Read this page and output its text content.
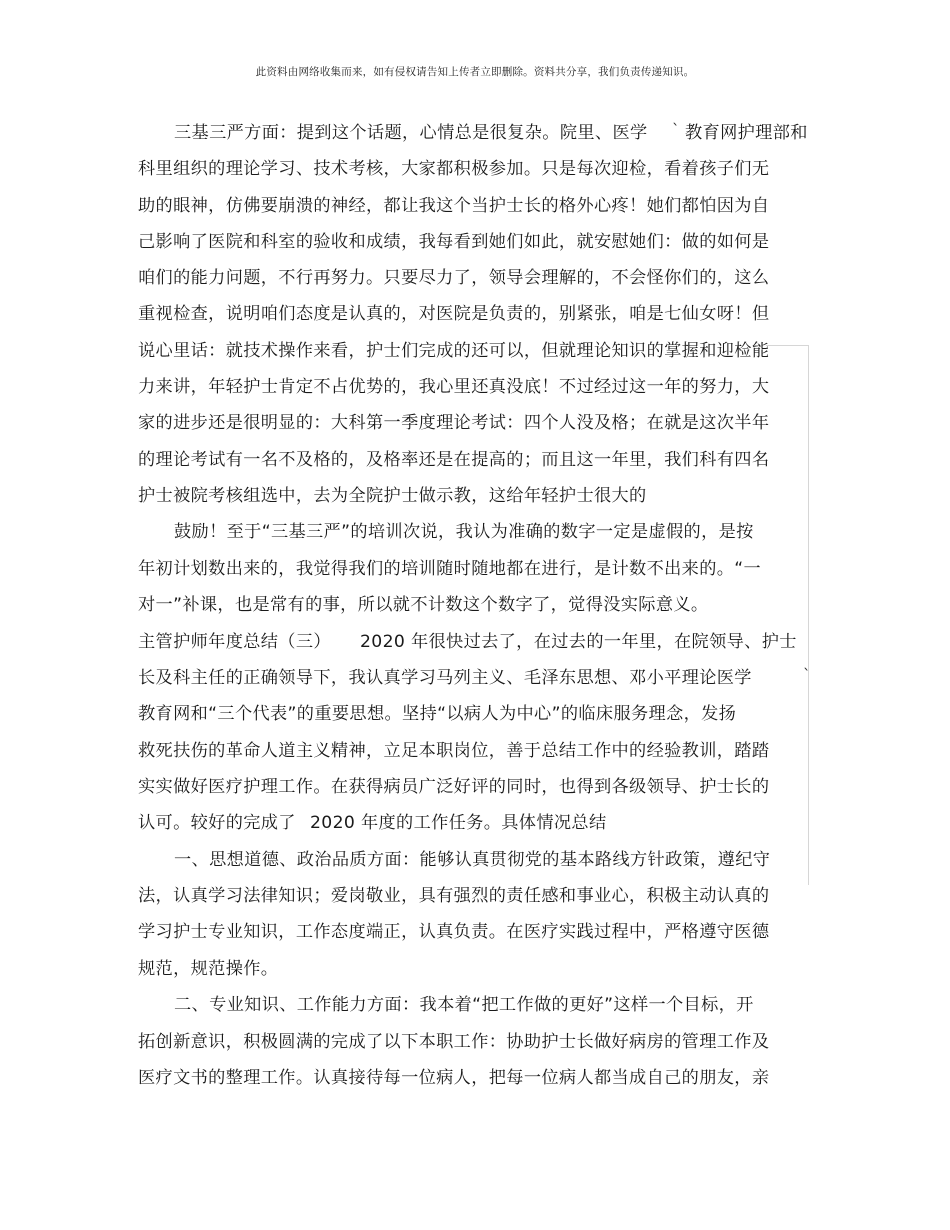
此资料由网络收集而来，如有侵权请告知上传者立即删除。资料共分享，我们负责传递知识。
三基三严方面：提到这个话题，心情总是很复杂。院里、医学	` 教育网护理部和
科里组织的理论学习、技术考核，大家都积极参加。只是每次迎检，看着孩子们无
助的眼神，仿佛要崩溃的神经，都让我这个当护士长的格外心疼！她们都怕因为自
己影响了医院和科室的验收和成绩，我每看到她们如此，就安慰她们：做的如何是
咱们的能力问题，不行再努力。只要尽力了，领导会理解的，不会怪你们的，这么
重视检查，说明咱们态度是认真的，对医院是负责的，别紧张，咱是七仙女呀！但
说心里话：就技术操作来看，护士们完成的还可以，但就理论知识的掌握和迎检能
力来讲，年轻护士肯定不占优势的，我心里还真没底！不过经过这一年的努力，大
家的进步还是很明显的：大科第一季度理论考试：四个人没及格；在就是这次半年
的理论考试有一名不及格的，及格率还是在提高的；而且这一年里，我们科有四名
护士被院考核组选中，去为全院护士做示教，这给年轻护士很大的
鼓励！至于“三基三严”的培训次说，我认为准确的数字一定是虚假的，是按
年初计划数出来的，我觉得我们的培训随时随地都在进行，是计数不出来的。“一
对一”补课，也是常有的事，所以就不计数这个数字了，觉得没实际意义。
主管护师年度总结（三）	2020 年很快过去了，在过去的一年里，在院领导、护士
长及科主任的正确领导下，我认真学习马列主义、毛泽东思想、邓小平理论医学	`
教育网和“三个代表”的重要思想。坚持“以病人为中心”的临床服务理念，发扬
救死扶伤的革命人道主义精神，立足本职岗位，善于总结工作中的经验教训，踏踏
实实做好医疗护理工作。在获得病员广泛好评的同时，也得到各级领导、护士长的
认可。较好的完成了 2020 年度的工作任务。具体情况总结
一、思想道德、政治品质方面：能够认真贯彻党的基本路线方针政策，遵纪守
法，认真学习法律知识；爱岗敬业，具有强烈的责任感和事业心，积极主动认真的
学习护士专业知识，工作态度端正，认真负责。在医疗实践过程中，严格遵守医德
规范，规范操作。
二、专业知识、工作能力方面：我本着“把工作做的更好”这样一个目标，开
拓创新意识，积极圆满的完成了以下本职工作：协助护士长做好病房的管理工作及
医疗文书的整理工作。认真接待每一位病人，把每一位病人都当成自己的朋友，亲
